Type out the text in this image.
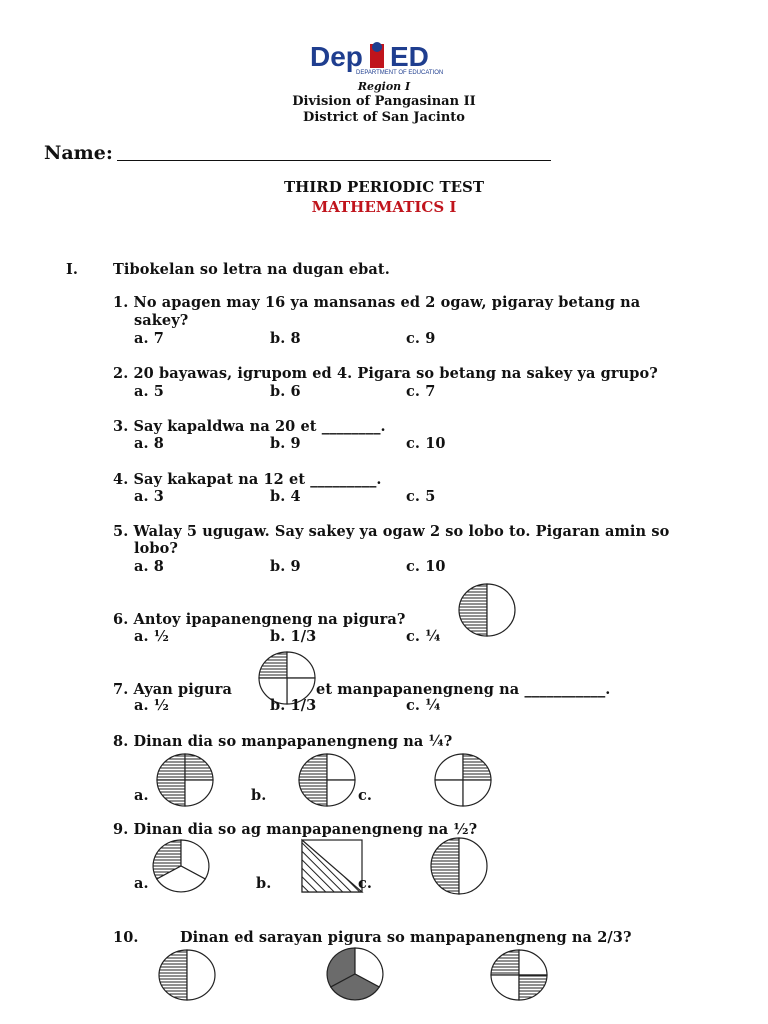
Dep ED
DEPARTMENT OF EDUCATION
Region I
Division of Pangasinan II
District of San Jacinto
Name:
THIRD PERIODIC TEST
MATHEMATICS I
I. Tibokelan so letra na dugan ebat.
1. No apagen may 16 ya mansanas ed 2 ogaw, pigaray betang na
sakey?
a. 7	b. 8	c. 9
2. 20 bayawas, igrupom ed 4. Pigara so betang na sakey ya grupo?
a. 5	b. 6	c. 7
3. Say kapaldwa na 20 et ________.
a. 8	b. 9	c. 10
4. Say kakapat na 12 et _________.
a. 3	b. 4	c. 5
5. Walay 5 ugugaw. Say sakey ya ogaw 2 so lobo to. Pigaran amin so
lobo?
a. 8	b. 9	c. 10
6. Antoy ipapanengneng na pigura?
a. ½	b. 1/3	c. ¼
7. Ayan pigura	et manpapanengneng na ___________.
a. ½	b. 1/3	c. ¼
8. Dinan dia so manpapanengneng na ¼?
a.	b.	c.
9. Dinan dia so ag manpapanengneng na ½?
a.	b.	c.
10.	Dinan ed sarayan pigura so manpapanengneng na 2/3?
